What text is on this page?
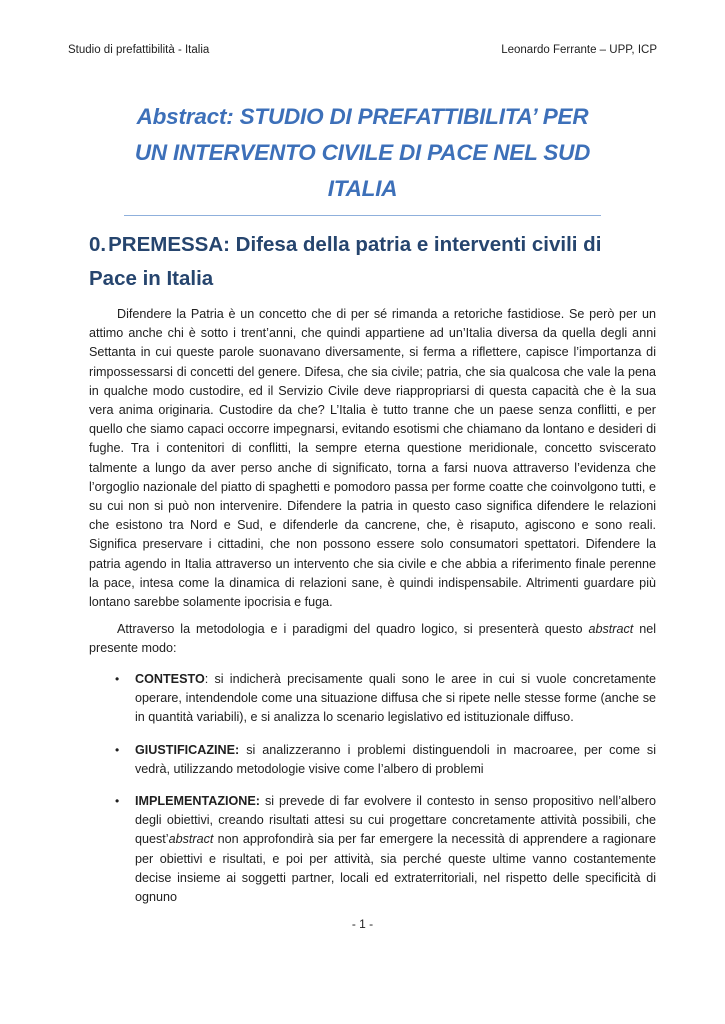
Studio di prefattibilità - Italia	Leonardo Ferrante – UPP, ICP
Abstract: STUDIO DI PREFATTIBILITA’ PER
UN INTERVENTO CIVILE DI PACE NEL SUD
ITALIA
0.PREMESSA: Difesa della patria e interventi civili di
Pace in Italia

Difendere la Patria è un concetto che di per sé rimanda a retoriche fastidiose. Se però per un attimo anche chi è sotto i trent’anni, che quindi appartiene ad un’Italia diversa da quella degli anni Settanta in cui queste parole suonavano diversamente, si ferma a riflettere, capisce l’importanza di rimpossessarsi di concetti del genere. Difesa, che sia civile; patria, che sia qualcosa che vale la pena in qualche modo custodire, ed il Servizio Civile deve riappropriarsi di questa capacità che è la sua vera anima originaria. Custodire da che? L’Italia è tutto tranne che un paese senza conflitti, e per quello che siamo capaci occorre impegnarsi, evitando esotismi che chiamano da lontano e desideri di fughe. Tra i contenitori di conflitti, la sempre eterna questione meridionale, concetto sviscerato talmente a lungo da aver perso anche di significato, torna a farsi nuova attraverso l’evidenza che l’orgoglio nazionale del piatto di spaghetti e pomodoro passa per forme coatte che coinvolgono tutti, e su cui non si può non intervenire. Difendere la patria in questo caso significa difendere le relazioni che esistono tra Nord e Sud, e difenderle da cancrene, che, è risaputo, agiscono e sono reali. Significa preservare i cittadini, che non possono essere solo consumatori spettatori. Difendere la patria agendo in Italia attraverso un intervento che sia civile e che abbia a riferimento finale perenne la pace, intesa come la dinamica di relazioni sane, è quindi indispensabile. Altrimenti guardare più lontano sarebbe solamente ipocrisia e fuga.

Attraverso la metodologia e i paradigmi del quadro logico, si presenterà questo abstract nel presente modo:

• CONTESTO: si indicherà precisamente quali sono le aree in cui si vuole concretamente operare, intendendole come una situazione diffusa che si ripete nelle stesse forme (anche se in quantità variabili), e si analizza lo scenario legislativo ed istituzionale diffuso.
• GIUSTIFICAZINE: si analizzeranno i problemi distinguendoli in macroaree, per come si vedrà, utilizzando metodologie visive come l’albero di problemi
• IMPLEMENTAZIONE: si prevede di far evolvere il contesto in senso propositivo nell’albero degli obiettivi, creando risultati attesi su cui progettare concretamente attività possibili, che quest’abstract non approfondirà sia per far emergere la necessità di apprendere a ragionare per obiettivi e risultati, e poi per attività, sia perché queste ultime vanno costantemente decise insieme ai soggetti partner, locali ed extraterritoriali, nel rispetto delle specificità di ognuno
- 1 -
